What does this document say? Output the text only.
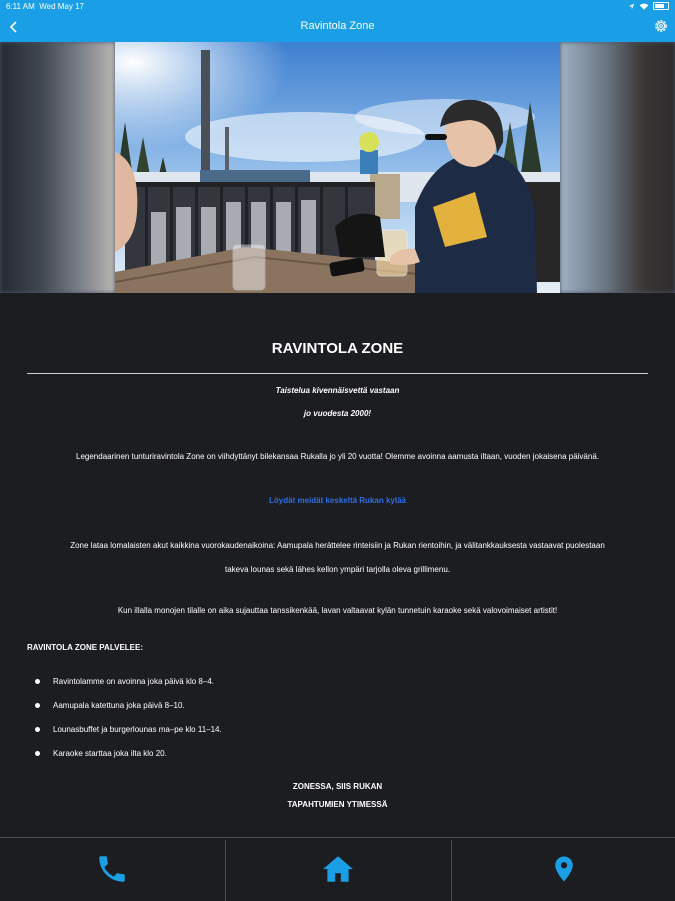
6:11 AM Wed May 17
Ravintola Zone
RAVINTOLA ZONE
Taistelua kivennäisvettä vastaan
jo vuodesta 2000!
Legendaarinen tunturiravintola Zone on viihdyttänyt bilekansaa Rukalla jo yli 20 vuotta! Olemme avoinna aamusta iltaan, vuoden jokaisena päivänä.
Löydät meidät keskeltä Rukan kylää
Zone lataa lomalaisten akut kaikkina vuorokaudenaikoina: Aamupala herättelee rinteisiin ja Rukan rientoihin, ja välitankkauksesta vastaavat puolestaan
takeva lounas sekä lähes kellon ympäri tarjolla oleva grillimenu.
Kun illalla monojen tilalle on aika sujauttaa tanssikenkää, lavan valtaavat kylän tunnetuin karaoke sekä valovoimaiset artistit!
RAVINTOLA ZONE PALVELEE:
Ravintolamme on avoinna joka päivä klo 8–4.
Aamupala katettuna joka päivä 8–10.
Lounasbuffet ja burgerlounas ma–pe klo 11–14.
Karaoke starttaa joka ilta klo 20.
ZONESSA, SIIS RUKAN
TAPAHTUMIEN YTIMESSÄ
